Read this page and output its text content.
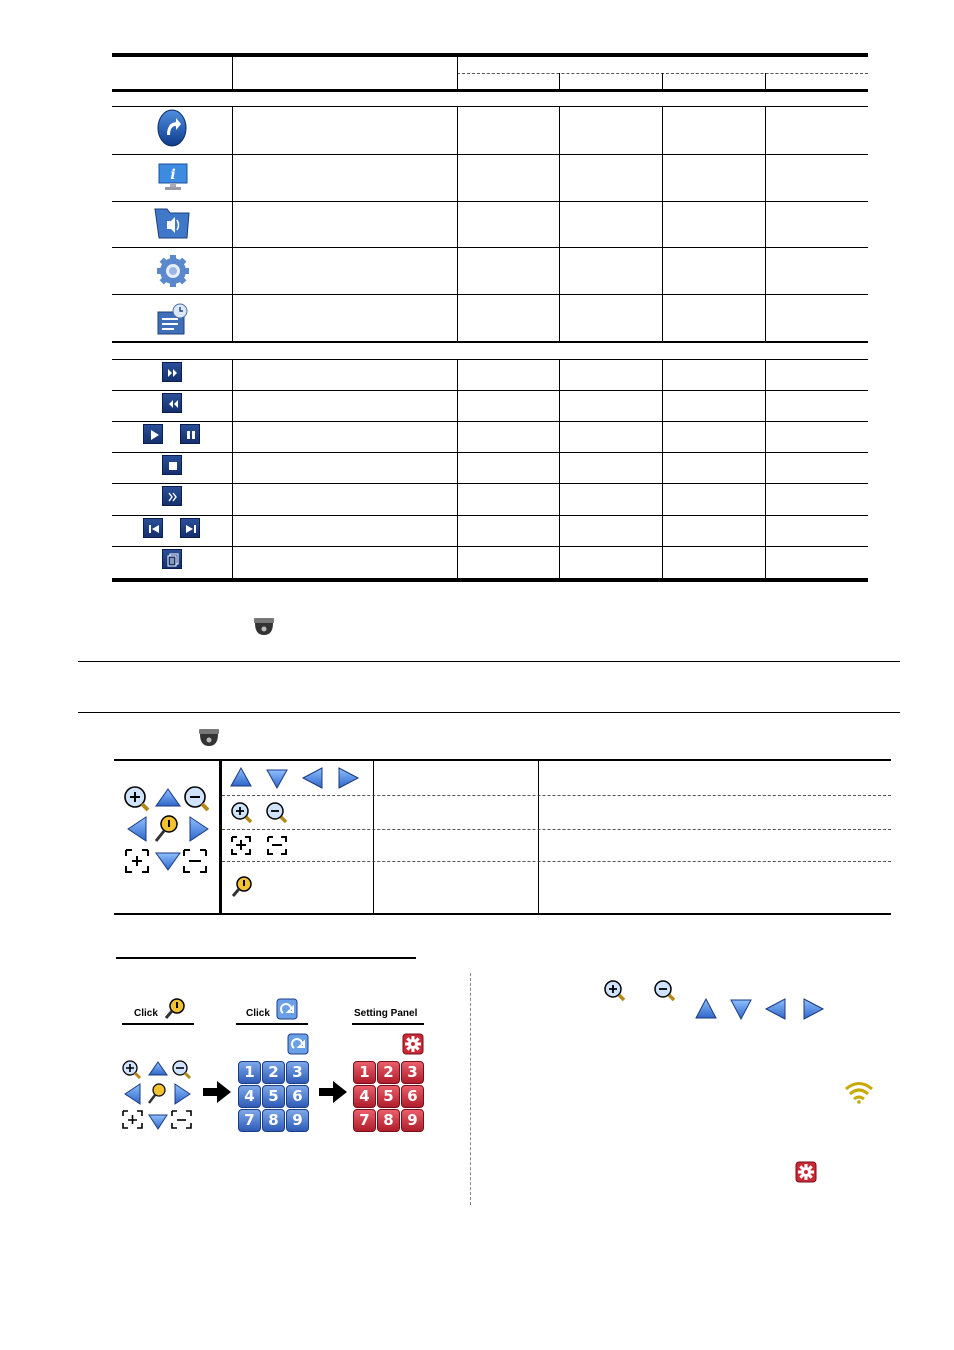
i
Click	Click
1 2 3
4 5 6
7 8 9
Setting Panel
1 2 3
4 5 6
7 8 9
